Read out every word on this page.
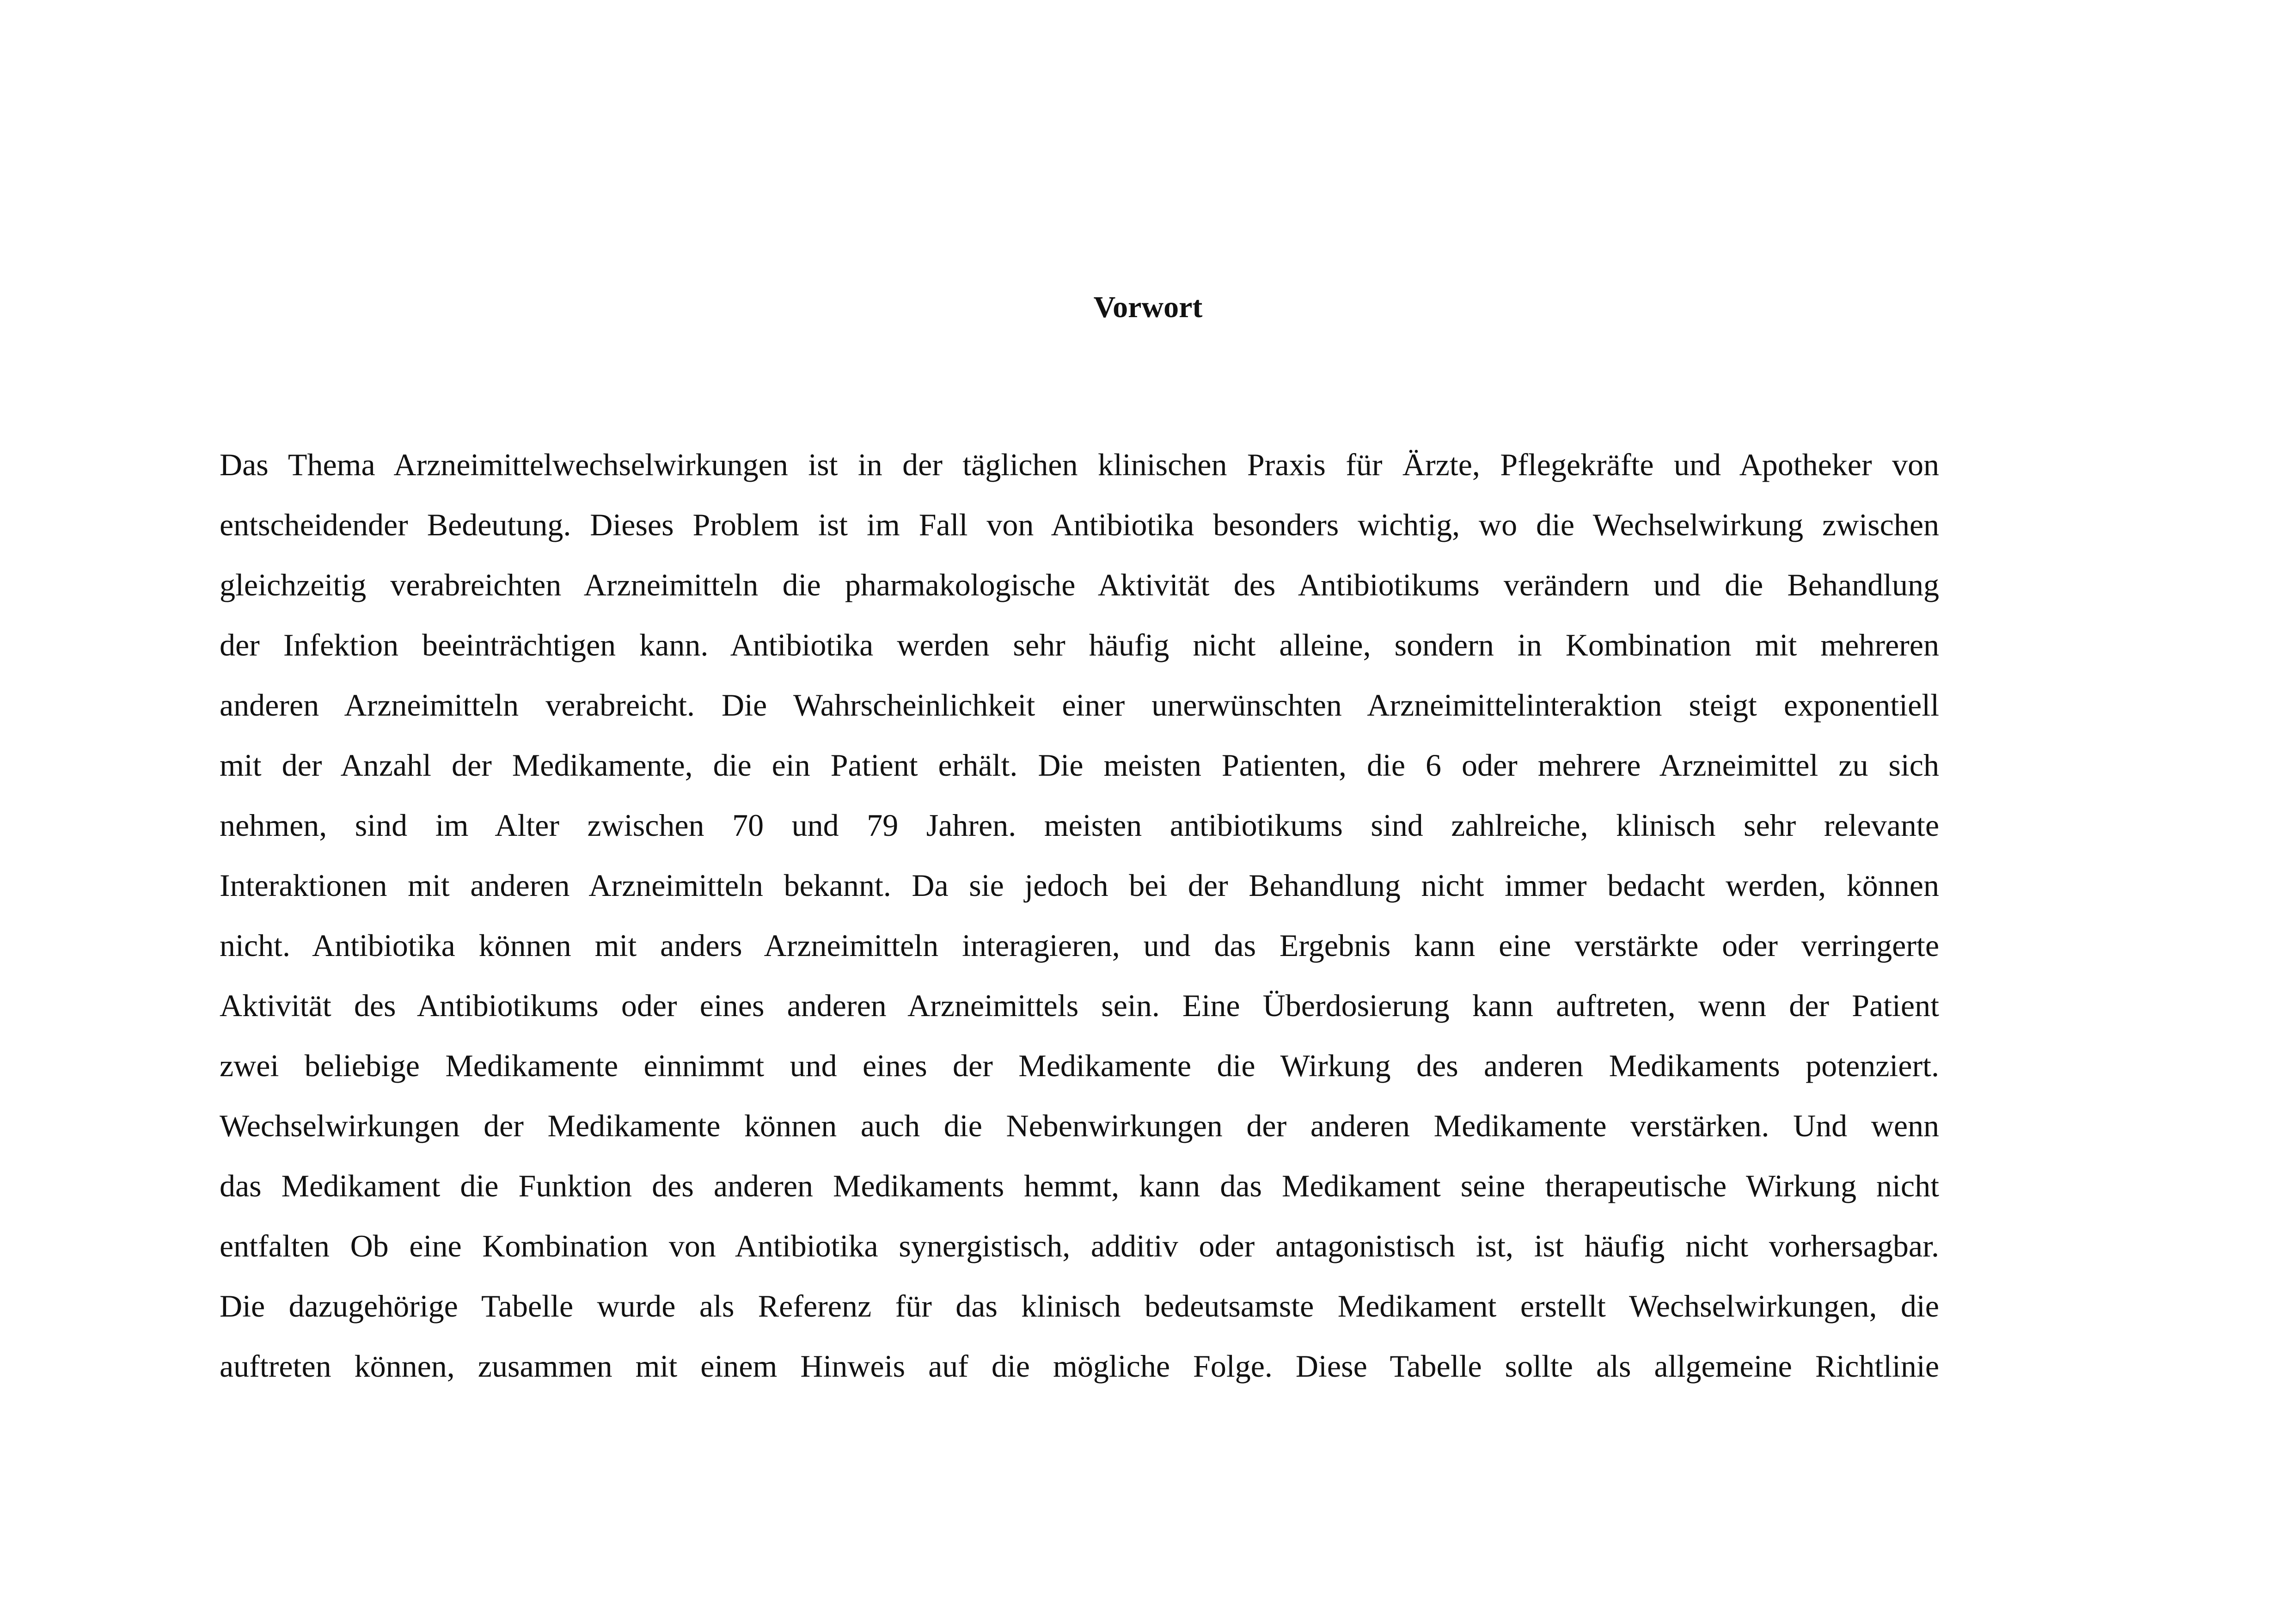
Vorwort
Das Thema Arzneimittelwechselwirkungen ist in der täglichen klinischen Praxis für Ärzte, Pflegekräfte und Apotheker von
entscheidender Bedeutung. Dieses Problem ist im Fall von Antibiotika besonders wichtig, wo die Wechselwirkung zwischen
gleichzeitig verabreichten Arzneimitteln die pharmakologische Aktivität des Antibiotikums verändern und die Behandlung
der Infektion beeinträchtigen kann. Antibiotika werden sehr häufig nicht alleine, sondern in Kombination mit mehreren
anderen Arzneimitteln verabreicht. Die Wahrscheinlichkeit einer unerwünschten Arzneimittelinteraktion steigt exponentiell
mit der Anzahl der Medikamente, die ein Patient erhält. Die meisten Patienten, die 6 oder mehrere Arzneimittel zu sich
nehmen, sind im Alter zwischen 70 und 79 Jahren. meisten antibiotikums sind zahlreiche, klinisch sehr relevante
Interaktionen mit anderen Arzneimitteln bekannt. Da sie jedoch bei der Behandlung nicht immer bedacht werden, können
nicht. Antibiotika können mit anders Arzneimitteln interagieren, und das Ergebnis kann eine verstärkte oder verringerte
Aktivität des Antibiotikums oder eines anderen Arzneimittels sein. Eine Überdosierung kann auftreten, wenn der Patient
zwei beliebige Medikamente einnimmt und eines der Medikamente die Wirkung des anderen Medikaments potenziert.
Wechselwirkungen der Medikamente können auch die Nebenwirkungen der anderen Medikamente verstärken. Und wenn
das Medikament die Funktion des anderen Medikaments hemmt, kann das Medikament seine therapeutische Wirkung nicht
entfalten Ob eine Kombination von Antibiotika synergistisch, additiv oder antagonistisch ist, ist häufig nicht vorhersagbar.
Die dazugehörige Tabelle wurde als Referenz für das klinisch bedeutsamste Medikament erstellt Wechselwirkungen, die
auftreten können, zusammen mit einem Hinweis auf die mögliche Folge. Diese Tabelle sollte als allgemeine Richtlinie
